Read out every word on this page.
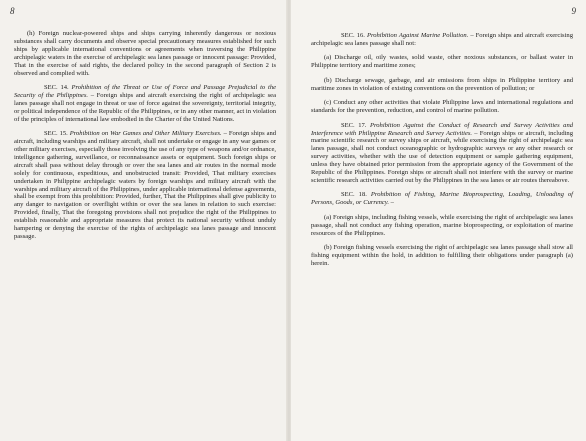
8

(h) Foreign nuclear-powered ships and ships carrying inherently dangerous or noxious substances shall carry documents and observe special precautionary measures established for such ships by applicable international conventions or agreements when traversing the Philippine archipelagic waters in the exercise of archipelagic sea lanes passage or innocent passage: Provided, That in the exercise of said rights, the declared policy in the second paragraph of Section 2 is observed and complied with.

SEC. 14. Prohibition of the Threat or Use of Force and Passage Prejudicial to the Security of the Philippines. – Foreign ships and aircraft exercising the right of archipelagic sea lanes passage shall not engage in threat or use of force against the sovereignty, territorial integrity, or political independence of the Republic of the Philippines, or in any other manner, act in violation of the principles of international law embodied in the Charter of the United Nations.

SEC. 15. Prohibition on War Games and Other Military Exercises. – Foreign ships and aircraft, including warships and military aircraft, shall not undertake or engage in any war games or other military exercises, especially those involving the use of any type of weapons and/or ordnance, intelligence gathering, surveillance, or reconnaissance assets or equipment. Such foreign ships or aircraft shall pass without delay through or over the sea lanes and air routes in the normal mode solely for continuous, expeditious, and unobstructed transit: Provided, That military exercises undertaken in Philippine archipelagic waters by foreign warships and military aircraft with the warships and military aircraft of the Philippines, under applicable international defense agreements, shall be exempt from this prohibition: Provided, further, That the Philippines shall give publicity to any danger to navigation or overflight within or over the sea lanes in relation to such exercise: Provided, finally, That the foregoing provisions shall not prejudice the right of the Philippines to establish reasonable and appropriate measures that protect its national security without unduly hampering or denying the exercise of the rights of archipelagic sea lanes passage and innocent passage.

9

SEC. 16. Prohibition Against Marine Pollution. – Foreign ships and aircraft exercising archipelagic sea lanes passage shall not:

(a) Discharge oil, oily wastes, solid waste, other noxious substances, or ballast water in Philippine territory and maritime zones;

(b) Discharge sewage, garbage, and air emissions from ships in Philippine territory and maritime zones in violation of existing conventions on the prevention of pollution; or

(c) Conduct any other activities that violate Philippine laws and international regulations and standards for the prevention, reduction, and control of marine pollution.

SEC. 17. Prohibition Against the Conduct of Research and Survey Activities and Interference with Philippine Research and Survey Activities. – Foreign ships or aircraft, including marine scientific research or survey ships or aircraft, while exercising the right of archipelagic sea lanes passage, shall not conduct oceanographic or hydrographic surveys or any other research or survey activities, whether with the use of detection equipment or sample gathering equipment, unless they have obtained prior permission from the appropriate agency of the Government of the Republic of the Philippines. Foreign ships or aircraft shall not interfere with the survey or marine scientific research activities carried out by the Philippines in the sea lanes or air routes thereabove.

SEC. 18. Prohibition of Fishing, Marine Bioprospecting, Loading, Unloading of Persons, Goods, or Currency. –

(a) Foreign ships, including fishing vessels, while exercising the right of archipelagic sea lanes passage, shall not conduct any fishing operation, marine bioprospecting, or exploitation of marine resources of the Philippines.

(b) Foreign fishing vessels exercising the right of archipelagic sea lanes passage shall stow all fishing equipment within the hold, in addition to fulfilling their obligations under paragraph (a) herein.
